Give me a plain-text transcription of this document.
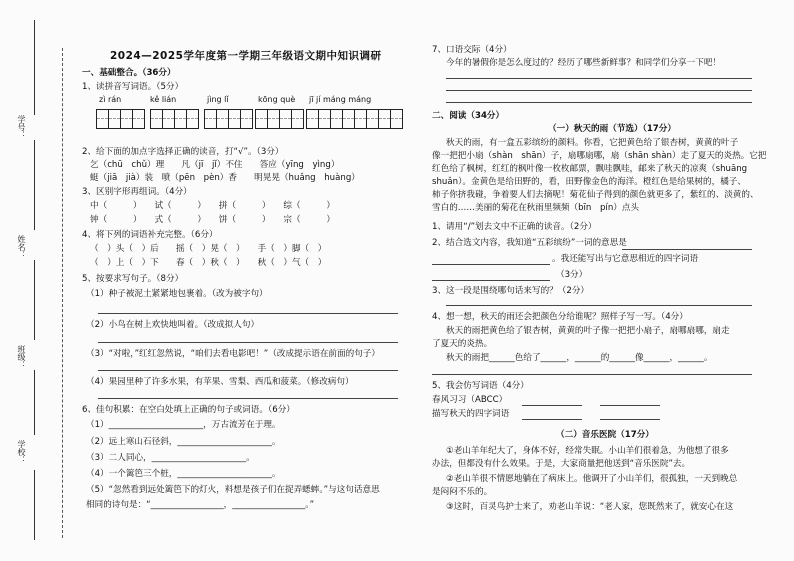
学号：
姓名：
班级：
学校：
2024—2025学年度第一学期三年级语文期中知识调研
一、基础整合。（36分）
1、读拼音写词语。（5分）
zì rán	kě lián	jìng lǐ	kōng què jī jí máng máng
2、给下面的加点字选择正确的读音，打“√”。（3分）
乞（chū　chǔ）理　　凡（jī　jǐ）不住　　答应（yīng　yìng）
蜓（jiā　jià）装　喷（pēn　pèn）香　　明晃晃（huǎng　huàng）
3、区别字形再组词。（4分）
中（　　　）　　试（　　　）　　拼（　　　）　　综（　　　）
钟（　　　）　　式（　　　）　　饼（　　　）　　宗（　　　）
4、将下列的词语补充完整。（6分）
（　）头（　）后　　摇（　）晃（　）　　手（　）脚（　）
（　）上（　）下　　春（　）秋（　）　　秋（　）气（　）
5、按要求写句子。（8分）
（1）种子被泥土紧紧地包裹着。（改为被字句）
（2）小鸟在树上欢快地叫着。（改成拟人句）
（3）“对啦，”红红忽然说，“咱们去看电影吧！”（改成提示语在前面的句子）
（4）果园里种了许多水果，有苹果、雪梨、西瓜和菠菜。（修改病句）
6、佳句积累：在空白处填上正确的句子或词语。（6分）
（1）______________________，万古流芳在于理。
（2）远上寒山石径斜，______________________。
（3）二人同心，______________________。
（4）一个篱笆三个桩，______________________。
（5）“忽然看到远处篱笆下的灯火，料想是孩子们在捉弄蟋蟀。”与这句话意思
相同的诗句是：“_________________，_________________。”
7、口语交际（4分）
今年的暑假你是怎么度过的？经历了哪些新鲜事？和同学们分享一下吧！
二、阅读（34分）
（一）秋天的雨（节选）（17分）
秋天的雨，有一盒五彩缤纷的颜料。你看，它把黄色给了银杏树，黄黄的叶子
像一把把小扇（shàn　shān）子，扇哪扇哪，扇（shān shàn）走了夏天的炎热。它把
红色给了枫树，红红的枫叶像一枚枚邮票，飘哇飘哇，邮来了秋天的凉爽（shuāng
shuǎn）。金黄色是给田野的，看，田野像金色的海洋。橙红色是给果树的，橘子、
柿子你挤我碰，争着要人们去摘呢！菊花仙子得到的颜色就更多了，紫红的、淡黄的、
雪白的……美丽的菊花在秋雨里频频（bīn　pín）点头
1、请用“/”划去文中不正确的读音。（2分）
2、结合选文内容，我知道“五彩缤纷”一词的意思是
。我还能写出与它意思相近的四字词语
（3分）
3、这一段是围绕哪句话来写的？（2分）
4、想一想，秋天的雨还会把颜色分给谁呢？照样子写一写。（4分）
秋天的雨把黄色给了银杏树，黄黄的叶子像一把把小扇子，扇哪扇哪，扇走
了夏天的炎热。
秋天的雨把______色给了______，______的______像______，______。
5、我会仿写词语（4分）
春风习习（ABCC）
描写秋天的四字词语
（二）音乐医院（17分）
①老山羊年纪大了，身体不好，经常失眠。小山羊们很着急，为他想了很多
办法，但都没有什么效果。于是，大家商量把他送到“音乐医院”去。
②老山羊很不情愿地躺在了病床上。他调开了小山羊们，很孤独，一天到晚总
是闷闷不乐的。
③这时，百灵鸟护士来了，劝老山羊说：“老人家，您既然来了，就安心在这
